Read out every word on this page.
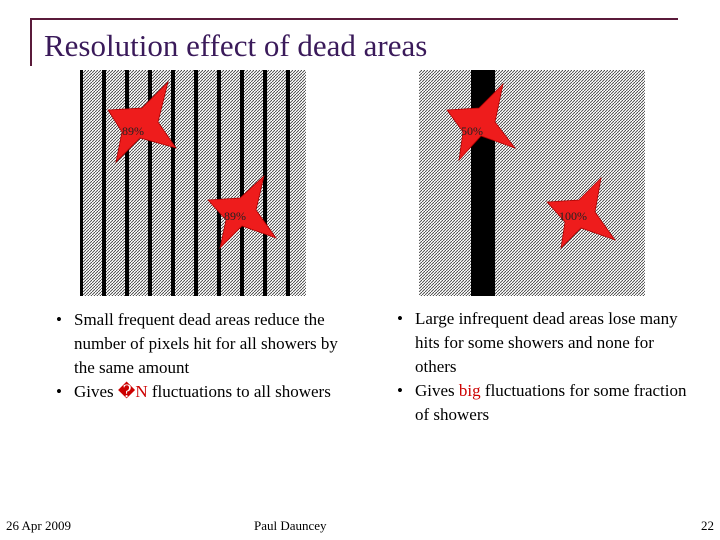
Resolution effect of dead areas
89%
89%
50%
100%
• Small frequent dead areas reduce the number of pixels hit for all showers by the same amount
• Gives �N fluctuations to all showers
• Large infrequent dead areas lose many hits for some showers and none for others
• Gives big fluctuations for some fraction of showers
26 Apr 2009	Paul Dauncey	22
